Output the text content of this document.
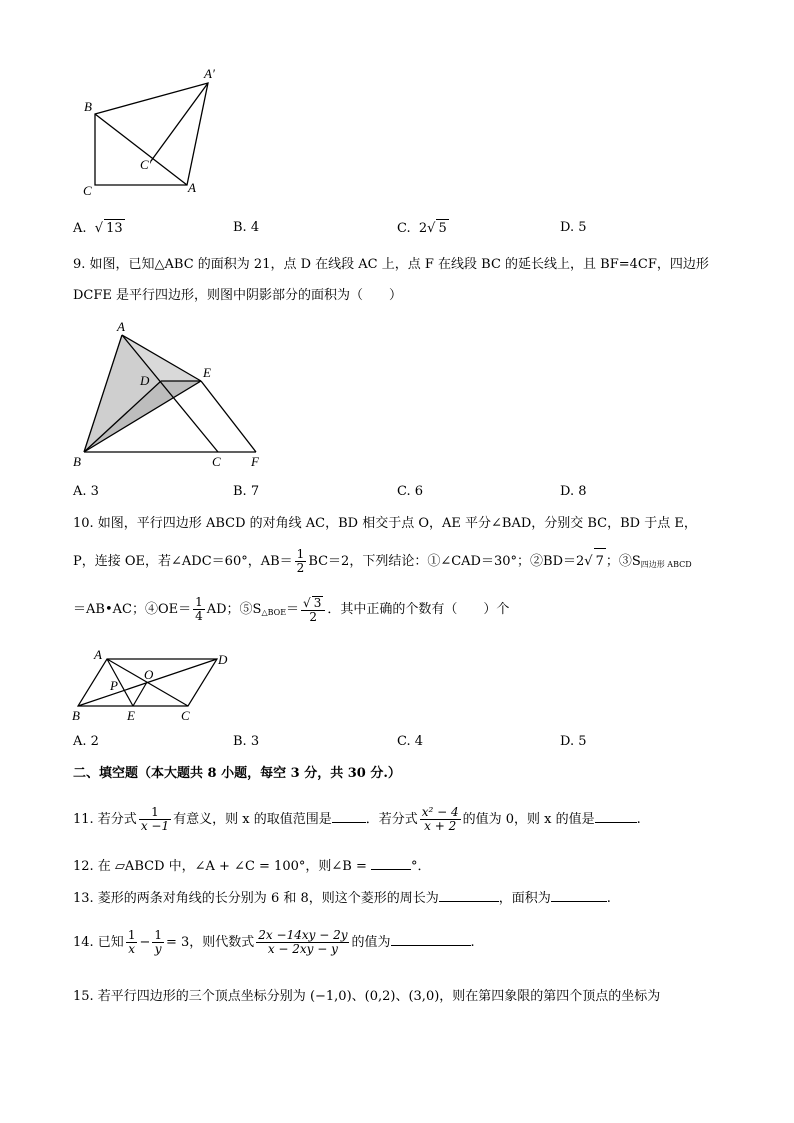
A′
B
C′
C	A
A.  √ 13	B. 4	C. 2√ 5	D. 5
9. 如图，已知△ABC 的面积为 21，点 D 在线段 AC 上，点 F 在线段 BC 的延长线上，且 BF=4CF，四边形
DCFE 是平行四边形，则图中阴影部分的面积为（　　）
A
D
E
B	C F
A. 3	B. 7	C. 6	D. 8
10. 如图，平行四边形 ABCD 的对角线 AC，BD 相交于点 O，AE 平分∠BAD，分别交 BC，BD 于点 E，
P，连接 OE，若∠ADC＝60°，$AB= \frac{1}{2} BC=2$，下列结论：①∠CAD＝30°；②BD＝2√ 7 ；$③S_{四边形 ABCD}$
＝AB•AC；④OE＝ $\frac{1}{4}$ AD；$⑤S_{\triangle BOE}= \frac{√ 3}{2}$ ．其中正确的个数有（　　）个
A	D
O
P
B	E	C
A. 2	B. 3	C. 4	D. 5
二、填空题（本大题共 8 小题，每空 3 分，共 30 分.）
11. 若分式 $\frac{1}{x -1}$ 有意义，则 x 的取值范围是	．若分式 $\frac{\text{x² − 4}}{x + 2}$ 的值为 0，则 x 的值是	.
12. 在 ▱ABCD 中，∠A + ∠C = 100°，则∠B =	°．
13. 菱形的两条对角线的长分别为 6 和 8，则这个菱形的周长为	，面积为	.
14. 已知 $\frac{1}{x} - \frac{1}{y} = 3$，则代数式 $\frac{2x -14xy - 2y}{x - 2xy - y}$ 的值为	.
15. 若平行四边形的三个顶点坐标分别为 (−1,0)、(0,2)、(3,0)，则在第四象限的第四个顶点的坐标为
